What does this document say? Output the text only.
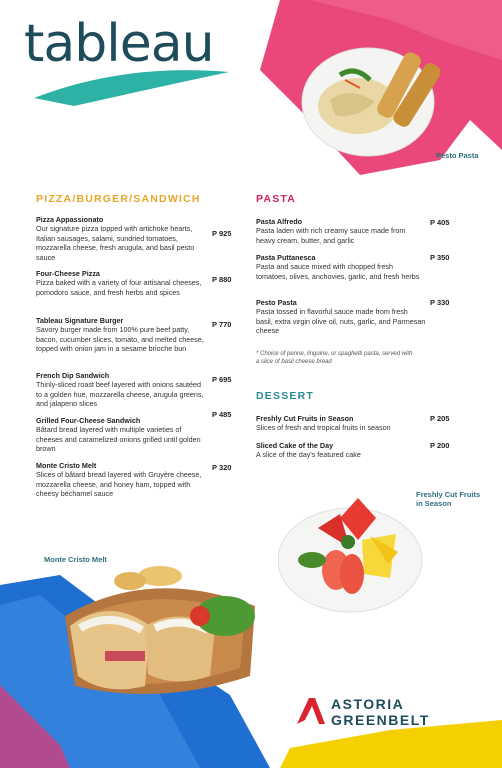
tableau
Pesto Pasta
PIZZA/BURGER/SANDWICH
Pizza Appassionato
Our signature pizza topped with artichoke hearts, Italian sausages, salami, sundried tomatoes, mozzarella cheese, fresh arugula, and basil pesto sauce
P 925
Four-Cheese Pizza
Pizza baked with a variety of four artisanal cheeses, pomodoro sauce, and fresh herbs and spices
P 880
Tableau Signature Burger
Savory burger made from 100% pure beef patty, bacon, cucumber slices, tomato, and melted cheese, topped with onion jam in a sesame brioche bun
P 770
French Dip Sandwich
Thinly-sliced roast beef layered with onions sautéed to a golden hue, mozzarella cheese, arugula greens, and jalapeno slices
P 695
Grilled Four-Cheese Sandwich
Bâtard bread layered with multiple varieties of cheeses and caramelized onions grilled until golden brown
P 485
Monte Cristo Melt
Slices of bâtard bread layered with Gruyère cheese, mozzarella cheese, and honey ham, topped with cheesy béchamel sauce
P 320
PASTA
Pasta Alfredo
Pasta laden with rich creamy sauce made from heavy cream, butter, and garlic
P 405
Pasta Puttanesca
Pasta and sauce mixed with chopped fresh tomatoes, olives, anchovies, garlic, and fresh herbs
P 350
Pesto Pasta
Pasta tossed in flavorful sauce made from fresh basil, extra virgin olive oil, nuts, garlic, and Parmesan cheese
P 330
* Choice of penne, linguine, or spaghetti pasta, served with a slice of basil cheese bread
DESSERT
Freshly Cut Fruits in Season
Slices of fresh and tropical fruits in season
P 205
Sliced Cake of the Day
A slice of the day's featured cake
P 200
Freshly Cut Fruits in Season
Monte Cristo Melt
ASTORIA
GREENBELT
